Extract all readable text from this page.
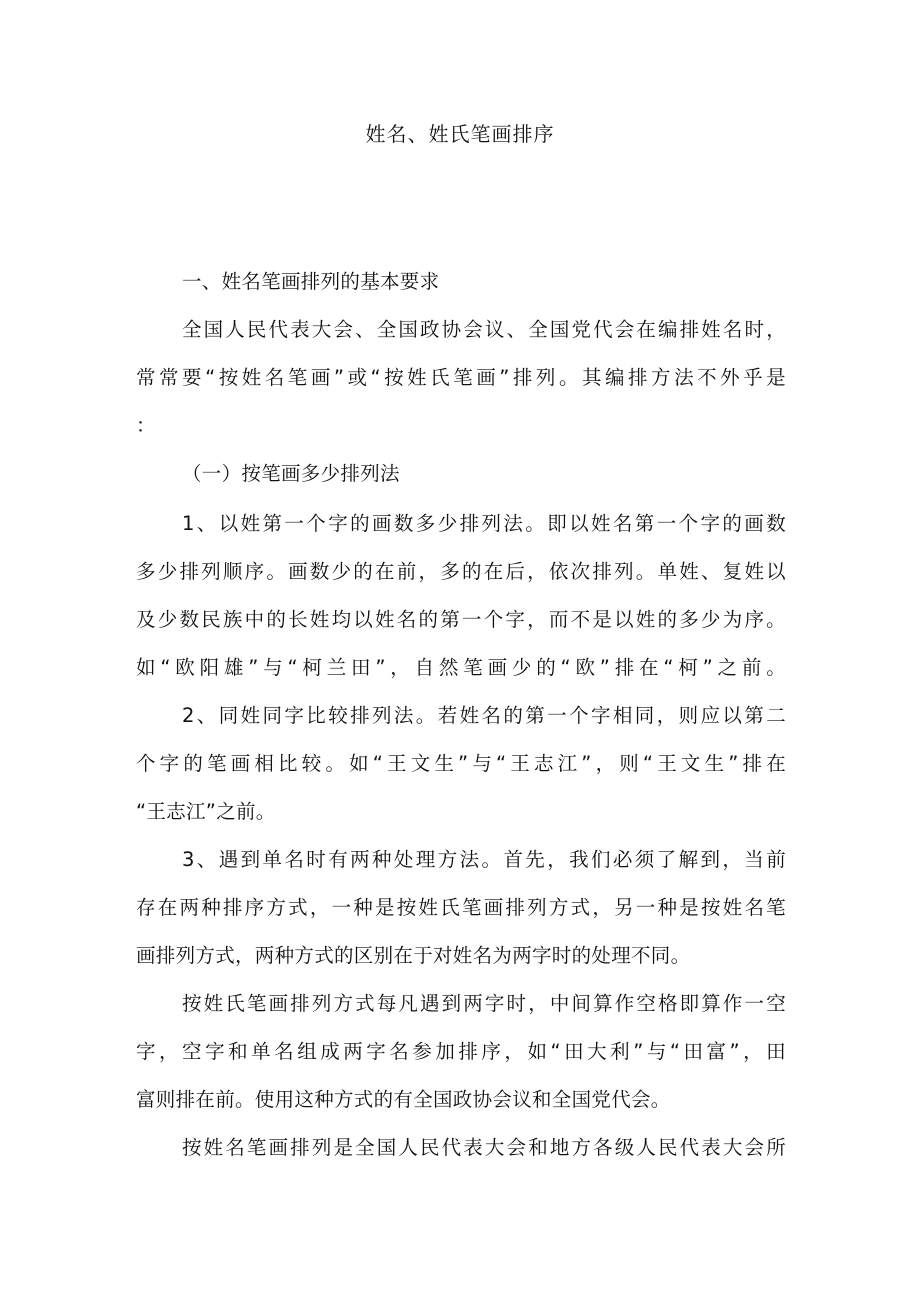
姓名、姓氏笔画排序
一、姓名笔画排列的基本要求
全国人民代表大会、全国政协会议、全国党代会在编排姓名时，
常常要“按姓名笔画”或“按姓氏笔画”排列。其编排方法不外乎是
：
（一）按笔画多少排列法
1、以姓第一个字的画数多少排列法。即以姓名第一个字的画数
多少排列顺序。画数少的在前，多的在后，依次排列。单姓、复姓以
及少数民族中的长姓均以姓名的第一个字，而不是以姓的多少为序。
如“欧阳雄”与“柯兰田”，自然笔画少的“欧”排在“柯”之前。
2、同姓同字比较排列法。若姓名的第一个字相同，则应以第二
个字的笔画相比较。如“王文生”与“王志江”，则“王文生”排在
“王志江”之前。
3、遇到单名时有两种处理方法。首先，我们必须了解到，当前
存在两种排序方式，一种是按姓氏笔画排列方式，另一种是按姓名笔
画排列方式，两种方式的区别在于对姓名为两字时的处理不同。
按姓氏笔画排列方式每凡遇到两字时，中间算作空格即算作一空
字，空字和单名组成两字名参加排序，如“田大利”与“田富”，田
富则排在前。使用这种方式的有全国政协会议和全国党代会。
按姓名笔画排列是全国人民代表大会和地方各级人民代表大会所
